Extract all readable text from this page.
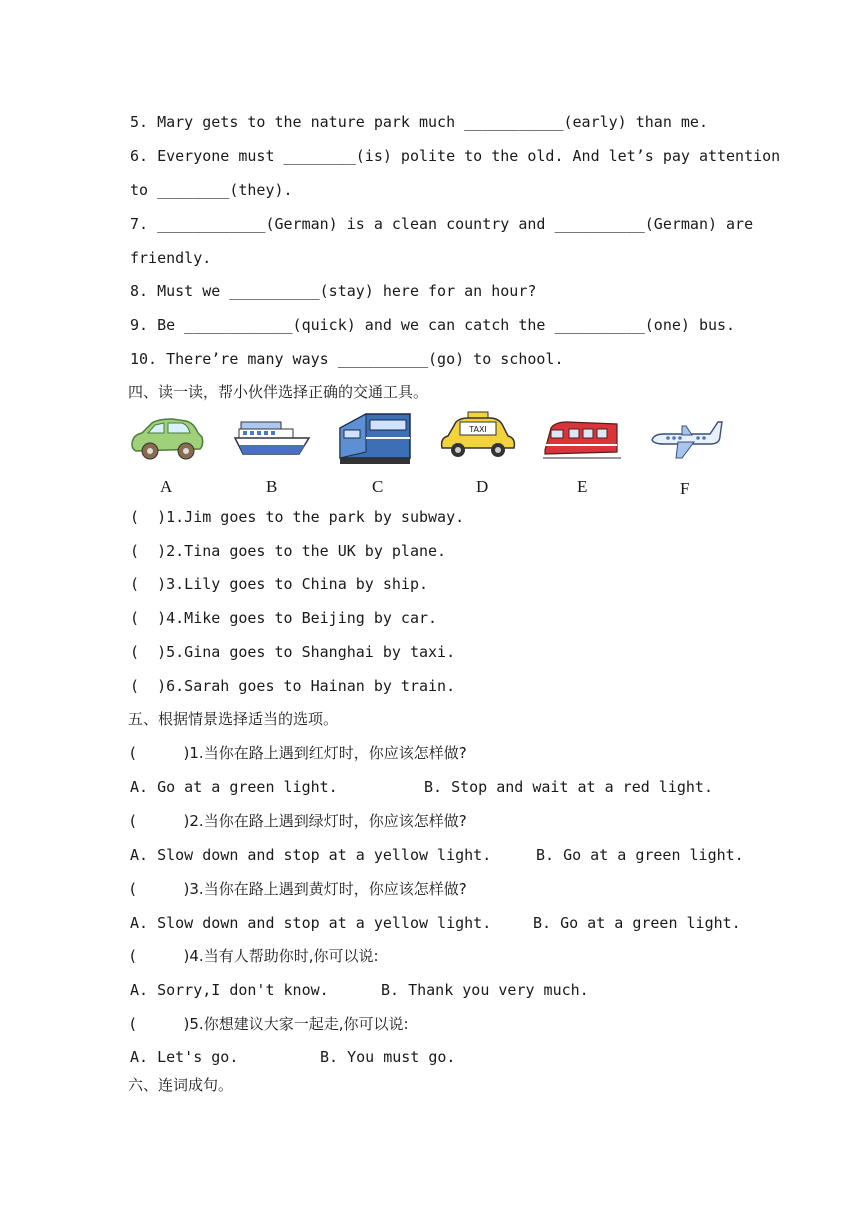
5. Mary gets to the nature park much ___________(early) than me.
6. Everyone must ________(is) polite to the old. And let’s pay attention
to ________(they).
7. ____________(German) is a clean country and __________(German) are
friendly.
8. Must we __________(stay) here for an hour?
9. Be ____________(quick) and we can catch the __________(one) bus.
10. There’re many ways __________(go) to school.
四、读一读，帮小伙伴选择正确的交通工具。
TAXI
A	B	C	D	E	F
(  )1.Jim goes to the park by subway.
(  )2.Tina goes to the UK by plane.
(  )3.Lily goes to China by ship.
(  )4.Mike goes to Beijing by car.
(  )5.Gina goes to Shanghai by taxi.
(  )6.Sarah goes to Hainan by train.
五、根据情景选择适当的选项。
(          )1.当你在路上遇到红灯时，你应该怎样做?
A. Go at a green light.	B. Stop and wait at a red light.
(          )2.当你在路上遇到绿灯时，你应该怎样做?
A. Slow down and stop at a yellow light.	B. Go at a green light.
(          )3.当你在路上遇到黄灯时，你应该怎样做?
A. Slow down and stop at a yellow light.	B. Go at a green light.
(          )4.当有人帮助你时,你可以说:
A. Sorry,I don't know.	B. Thank you very much.
(          )5.你想建议大家一起走,你可以说:
A. Let's go.	B. You must go.
六、连词成句。
